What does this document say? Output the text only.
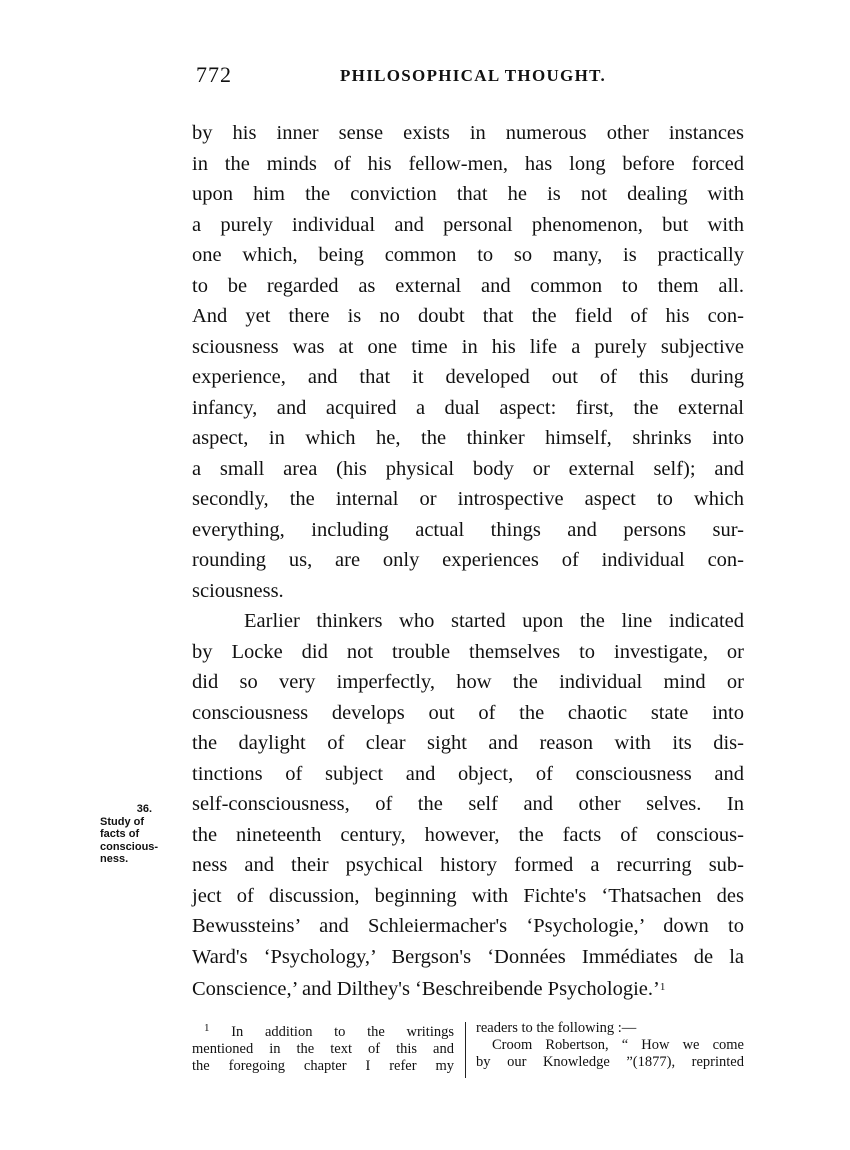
772	PHILOSOPHICAL THOUGHT.
by his inner sense exists in numerous other instances
in the minds of his fellow-men, has long before forced
upon him the conviction that he is not dealing with
a purely individual and personal phenomenon, but with
one which, being common to so many, is practically
to be regarded as external and common to them all.
And yet there is no doubt that the field of his con-
sciousness was at one time in his life a purely subjective
experience, and that it developed out of this during
infancy, and acquired a dual aspect: first, the external
aspect, in which he, the thinker himself, shrinks into
a small area (his physical body or external self); and
secondly, the internal or introspective aspect to which
everything, including actual things and persons sur-
rounding us, are only experiences of individual con-
sciousness.
Earlier thinkers who started upon the line indicated
by Locke did not trouble themselves to investigate, or
did so very imperfectly, how the individual mind or
consciousness develops out of the chaotic state into
the daylight of clear sight and reason with its dis-
tinctions of subject and object, of consciousness and
self-consciousness, of the self and other selves. In
the nineteenth century, however, the facts of conscious-
ness and their psychical history formed a recurring sub-
ject of discussion, beginning with Fichte's ‘Thatsachen des
Bewussteins’ and Schleiermacher's ‘Psychologie,’ down to
Ward's ‘Psychology,’ Bergson's ‘Données Immédiates de la
Conscience,’ and Dilthey's ‘Beschreibende Psychologie.’$^1$
36.
Study of
facts of
conscious-
ness.
$^1$ In addition to the writings
mentioned in the text of this and
the foregoing chapter I refer my
readers to the following :—
Croom Robertson, “ How we come
by our Knowledge ”(1877), reprinted
